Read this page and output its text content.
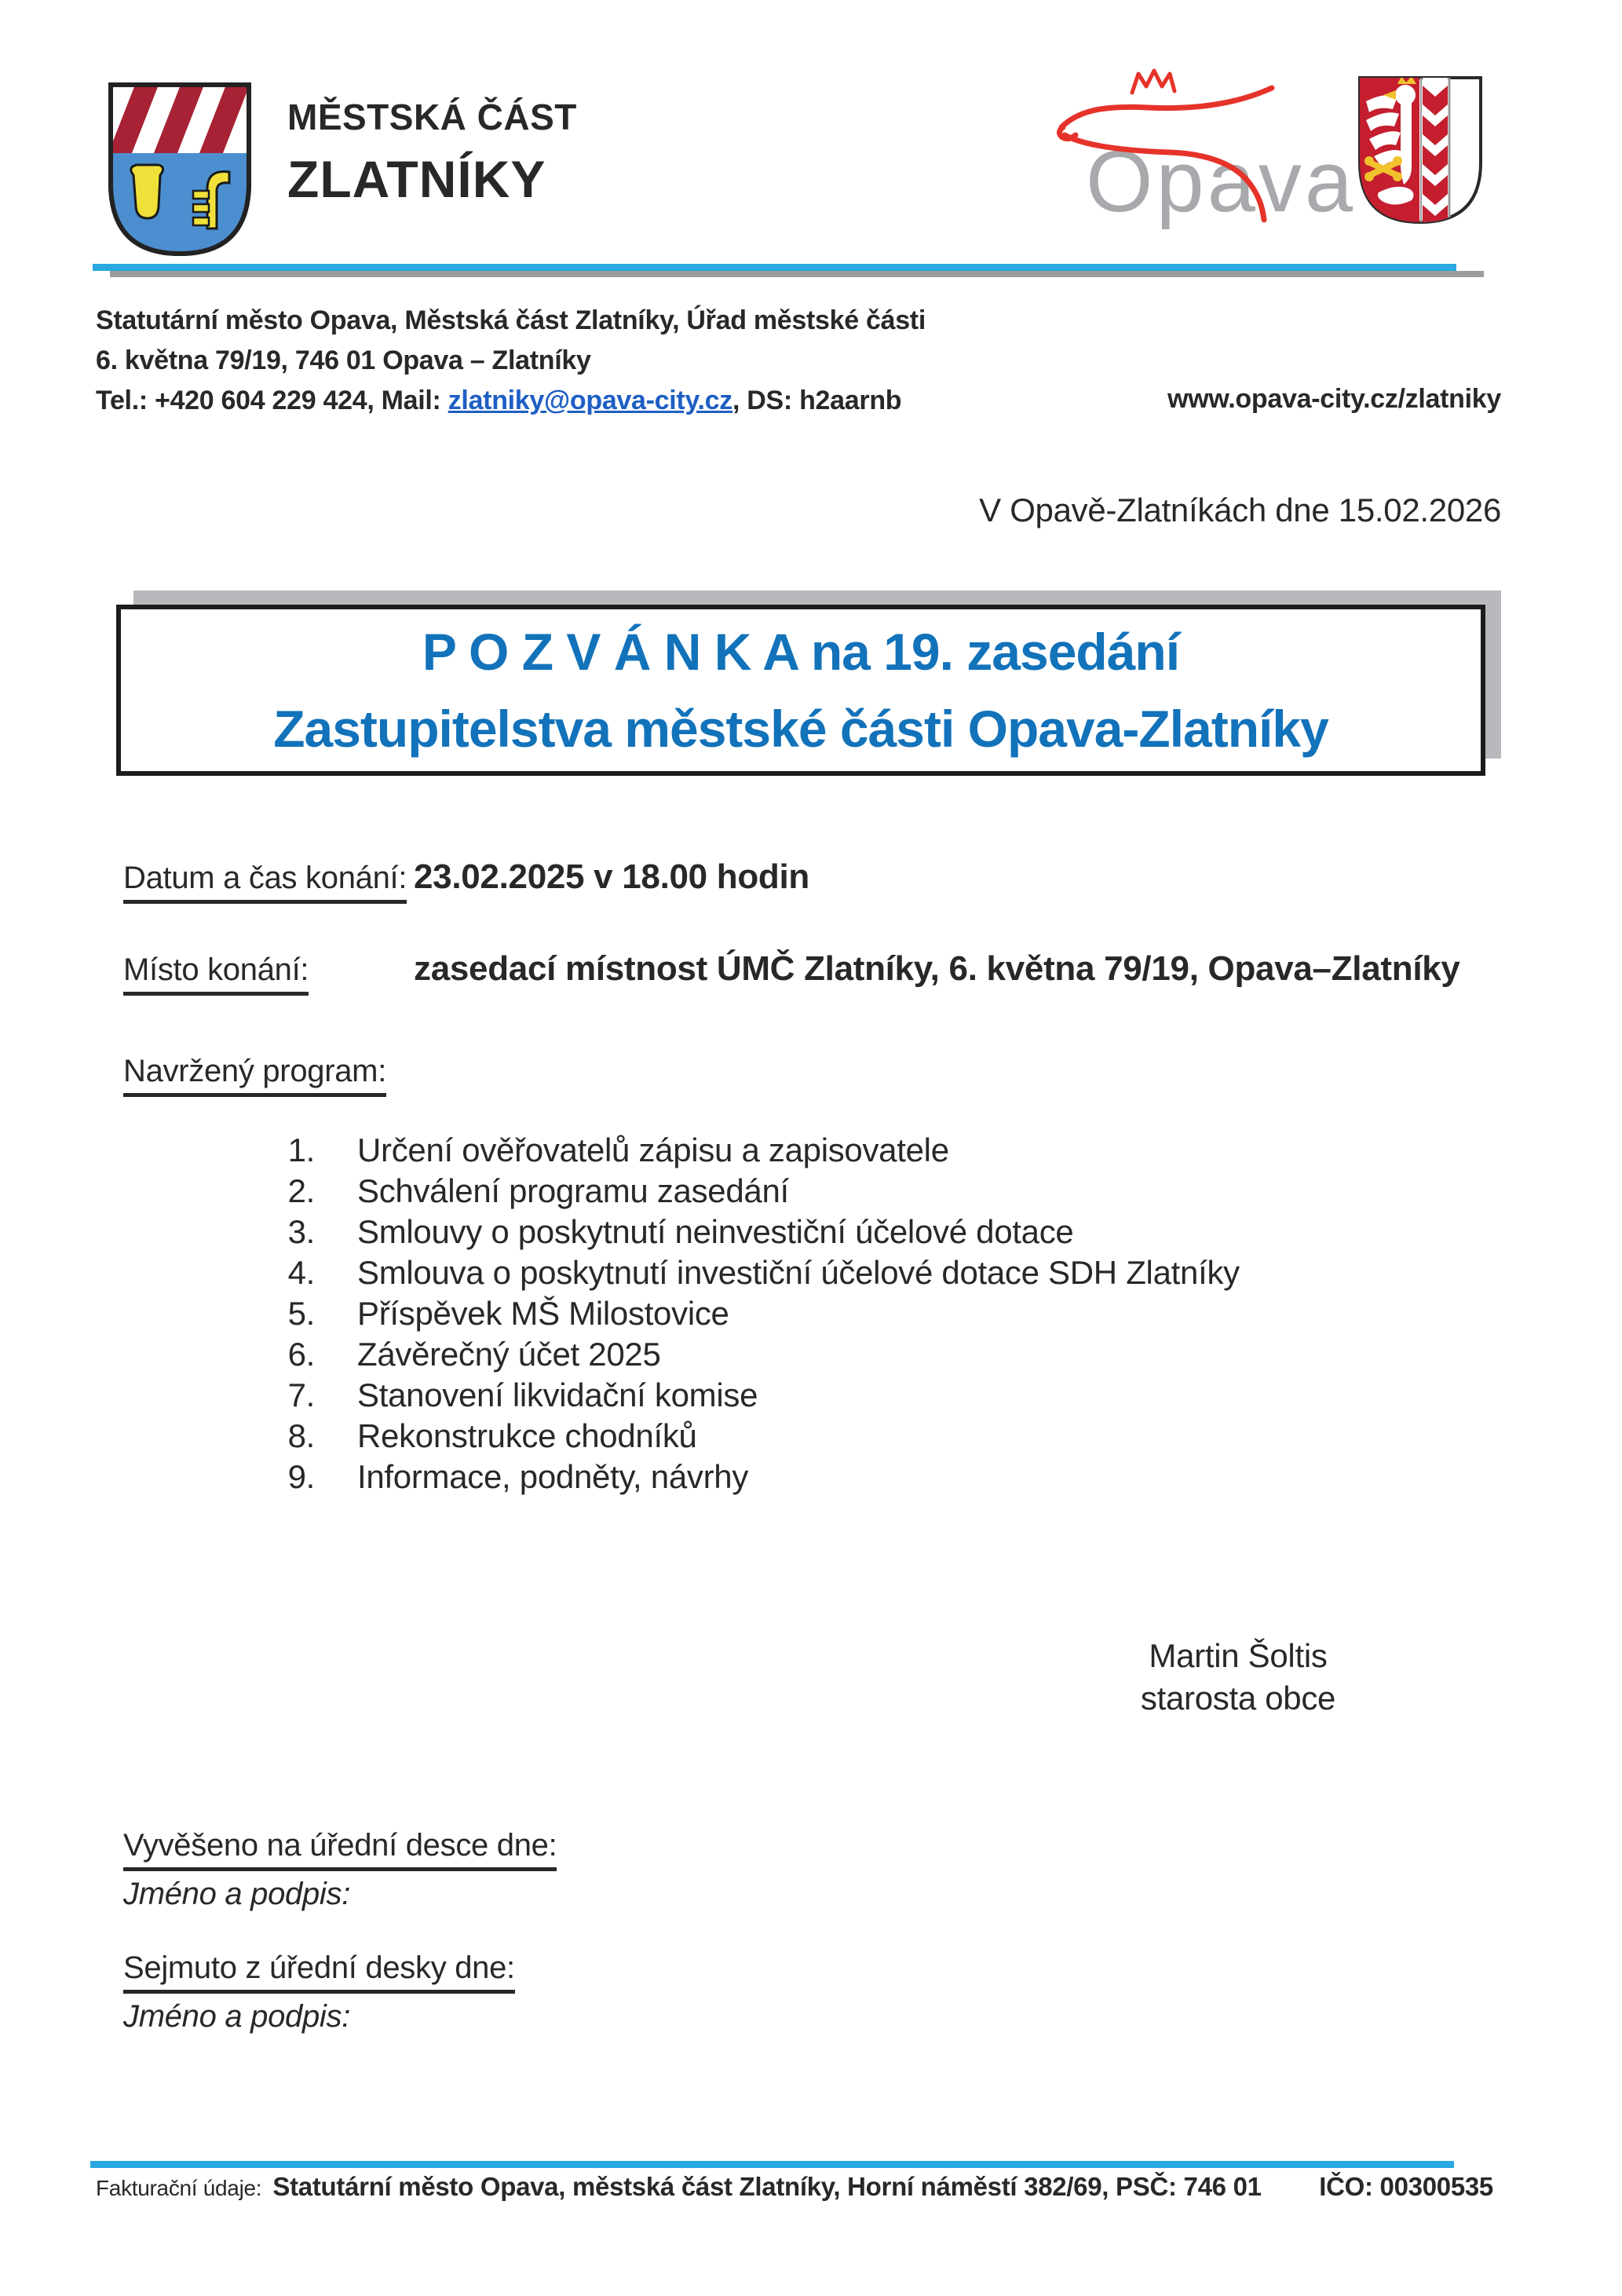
MĚSTSKÁ ČÁST
ZLATNÍKY	Opava
Statutární město Opava, Městská část Zlatníky, Úřad městské části
6. května 79/19, 746 01 Opava – Zlatníky
Tel.: +420 604 229 424, Mail: zlatniky@opava-city.cz, DS: h2aarnb	www.opava-city.cz/zlatniky
V Opavě-Zlatníkách dne 15.02.2026
P O Z V Á N K A na 19. zasedání
Zastupitelstva městské části Opava-Zlatníky
Datum a čas konání: 23.02.2025 v 18.00 hodin
Místo konání:	zasedací místnost ÚMČ Zlatníky, 6. května 79/19, Opava–Zlatníky
Navržený program:
1. Určení ověřovatelů zápisu a zapisovatele
2. Schválení programu zasedání
3. Smlouvy o poskytnutí neinvestiční účelové dotace
4. Smlouva o poskytnutí investiční účelové dotace SDH Zlatníky
5. Příspěvek MŠ Milostovice
6. Závěrečný účet 2025
7. Stanovení likvidační komise
8. Rekonstrukce chodníků
9. Informace, podněty, návrhy
Martin Šoltis
starosta obce
Vyvěšeno na úřední desce dne:
Jméno a podpis:
Sejmuto z úřední desky dne:
Jméno a podpis:
Fakturační údaje: Statutární město Opava, městská část Zlatníky, Horní náměstí 382/69, PSČ: 746 01 IČO: 00300535
